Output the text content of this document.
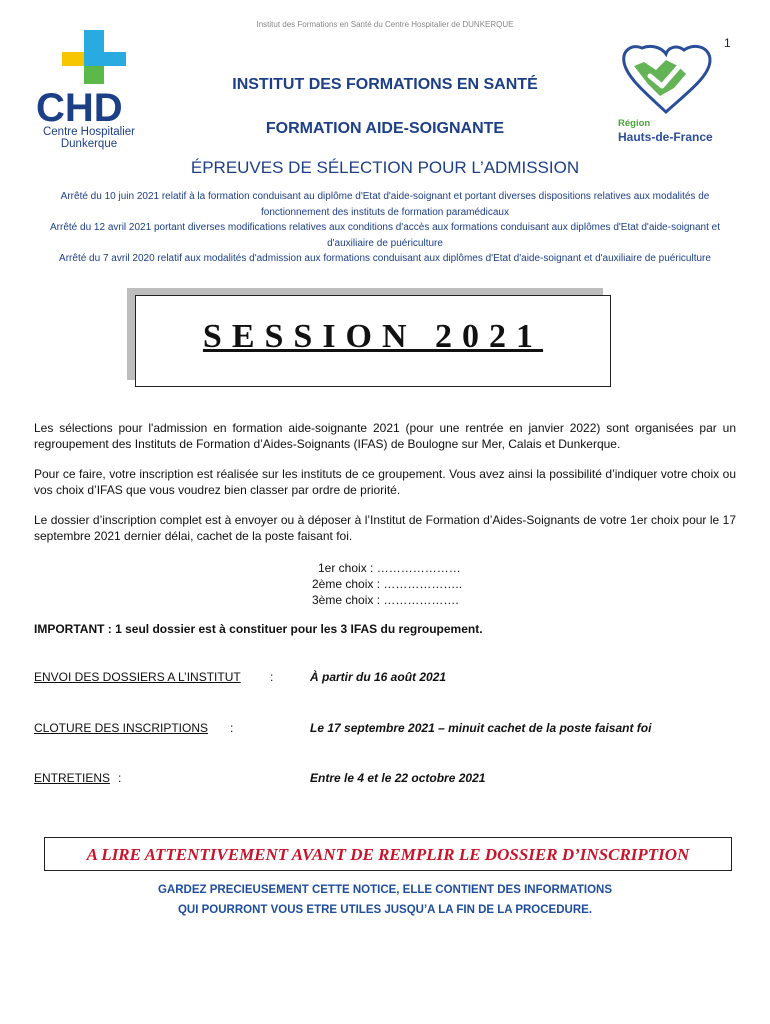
Institut des Formations en Santé du Centre Hospitalier de DUNKERQUE
1
CHD
Centre Hospitalier
Dunkerque
Région
Hauts-de-France
INSTITUT DES FORMATIONS EN SANTÉ
FORMATION AIDE-SOIGNANTE
ÉPREUVES DE SÉLECTION POUR L’ADMISSION
Arrêté du 10 juin 2021 relatif à la formation conduisant au diplôme d'Etat d'aide-soignant et portant diverses dispositions relatives aux modalités de fonctionnement des instituts de formation paramédicaux
Arrêté du 12 avril 2021 portant diverses modifications relatives aux conditions d'accès aux formations conduisant aux diplômes d'Etat d'aide-soignant et d'auxiliaire de puériculture
Arrêté du 7 avril 2020 relatif aux modalités d'admission aux formations conduisant aux diplômes d'Etat d'aide-soignant et d'auxiliaire de puériculture
SESSION 2021
Les sélections pour l'admission en formation aide-soignante 2021 (pour une rentrée en janvier 2022) sont organisées par un regroupement des Instituts de Formation d’Aides-Soignants (IFAS) de Boulogne sur Mer, Calais et Dunkerque.
Pour ce faire, votre inscription est réalisée sur les instituts de ce groupement. Vous avez ainsi la possibilité d’indiquer votre choix ou vos choix d’IFAS que vous voudrez bien classer par ordre de priorité.
Le dossier d’inscription complet est à envoyer ou à déposer à l’Institut de Formation d’Aides-Soignants de votre 1er choix pour le 17 septembre 2021 dernier délai, cachet de la poste faisant foi.
1er choix : …………………
2ème choix : ………………..
3ème choix : ……………….
IMPORTANT : 1 seul dossier est à constituer pour les 3 IFAS du regroupement.
ENVOI DES DOSSIERS A L’INSTITUT :	À partir du 16 août 2021
CLOTURE DES INSCRIPTIONS :	Le 17 septembre 2021 – minuit cachet de la poste faisant foi
ENTRETIENS :	Entre le 4 et le 22 octobre 2021
A LIRE ATTENTIVEMENT AVANT DE REMPLIR LE DOSSIER D’INSCRIPTION
GARDEZ PRECIEUSEMENT CETTE NOTICE, ELLE CONTIENT DES INFORMATIONS
QUI POURRONT VOUS ETRE UTILES JUSQU’A LA FIN DE LA PROCEDURE.
